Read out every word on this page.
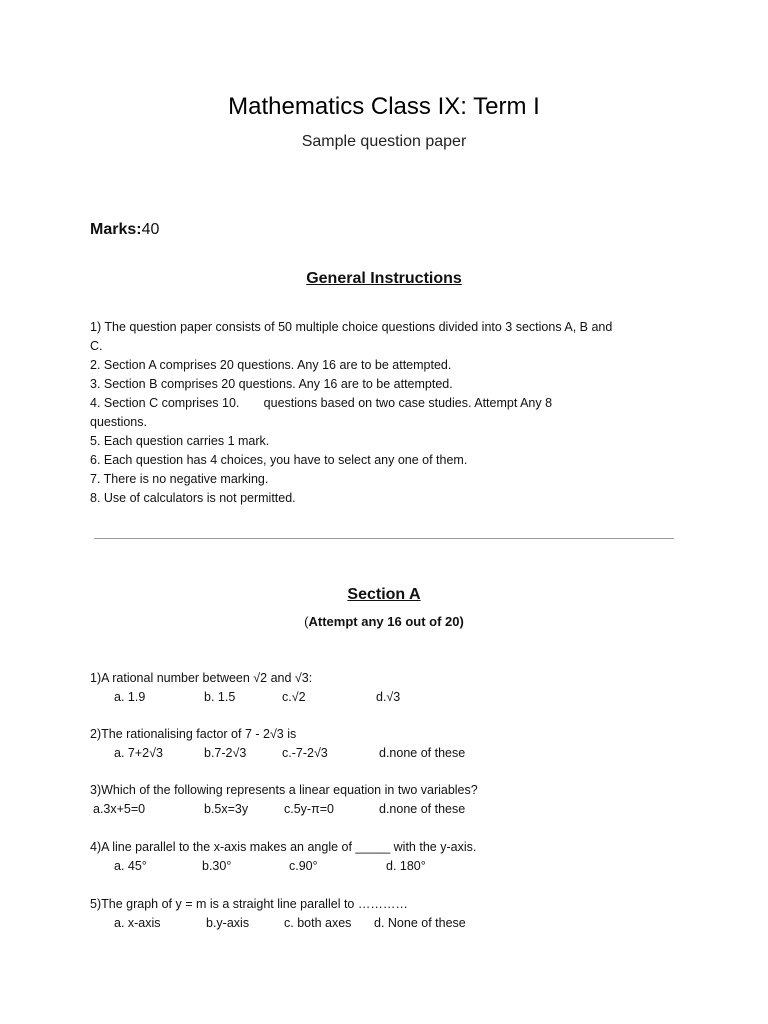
Mathematics Class IX: Term I
Sample question paper
Marks:40
General Instructions
1) The question paper consists of 50 multiple choice questions divided into 3 sections A, B and
C.
2. Section A comprises 20 questions. Any 16 are to be attempted.
3. Section B comprises 20 questions. Any 16 are to be attempted.
4. Section C comprises 10.       questions based on two case studies. Attempt Any 8
questions.
5. Each question carries 1 mark.
6. Each question has 4 choices, you have to select any one of them.
7. There is no negative marking.
8. Use of calculators is not permitted.
Section A
(Attempt any 16 out of 20)
1)A rational number between √2 and √3:
a. 1.9	b. 1.5	c.√2	d.√3
2)The rationalising factor of 7 - 2√3 is
a. 7+2√3	b.7-2√3	c.-7-2√3	d.none of these
3)Which of the following represents a linear equation in two variables?
a.3x+5=0	b.5x=3y	c.5y-π=0	d.none of these
4)A line parallel to the x-axis makes an angle of _____ with the y-axis.
a. 45°	b.30°	c.90°	d. 180°
5)The graph of y = m is a straight line parallel to …………
a. x-axis	b.y-axis	c. both axes d. None of these
